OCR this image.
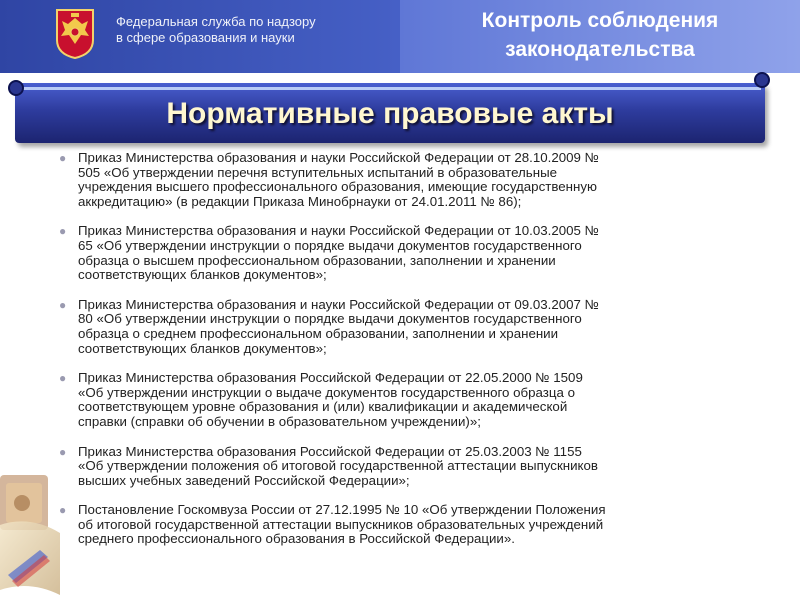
Федеральная служба по надзору
в сфере образования и науки
Контроль соблюдения
законодательства
Нормативные правовые акты
● Приказ Министерства образования и науки Российской Федерации от 28.10.2009 №
505 «Об утверждении перечня вступительных испытаний в образовательные
учреждения высшего профессионального образования, имеющие государственную
аккредитацию» (в редакции Приказа Минобрнауки от 24.01.2011 № 86);
● Приказ Министерства образования и науки Российской Федерации от 10.03.2005 №
65 «Об утверждении инструкции о порядке выдачи документов государственного
образца о высшем профессиональном образовании, заполнении и хранении
соответствующих бланков документов»;
● Приказ Министерства образования и науки Российской Федерации от 09.03.2007 №
80 «Об утверждении инструкции о порядке выдачи документов государственного
образца о среднем профессиональном образовании, заполнении и хранении
соответствующих бланков документов»;
● Приказ Министерства образования Российской Федерации от 22.05.2000 № 1509
«Об утверждении инструкции о выдаче документов государственного образца о
соответствующем уровне образования и (или) квалификации и академической
справки (справки об обучении в образовательном учреждении)»;
● Приказ Министерства образования Российской Федерации от 25.03.2003 № 1155
«Об утверждении положения об итоговой государственной аттестации выпускников
высших учебных заведений Российской Федерации»;
● Постановление Госкомвуза России от 27.12.1995 № 10 «Об утверждении Положения
об итоговой государственной аттестации выпускников образовательных учреждений
среднего профессионального образования в Российской Федерации».
